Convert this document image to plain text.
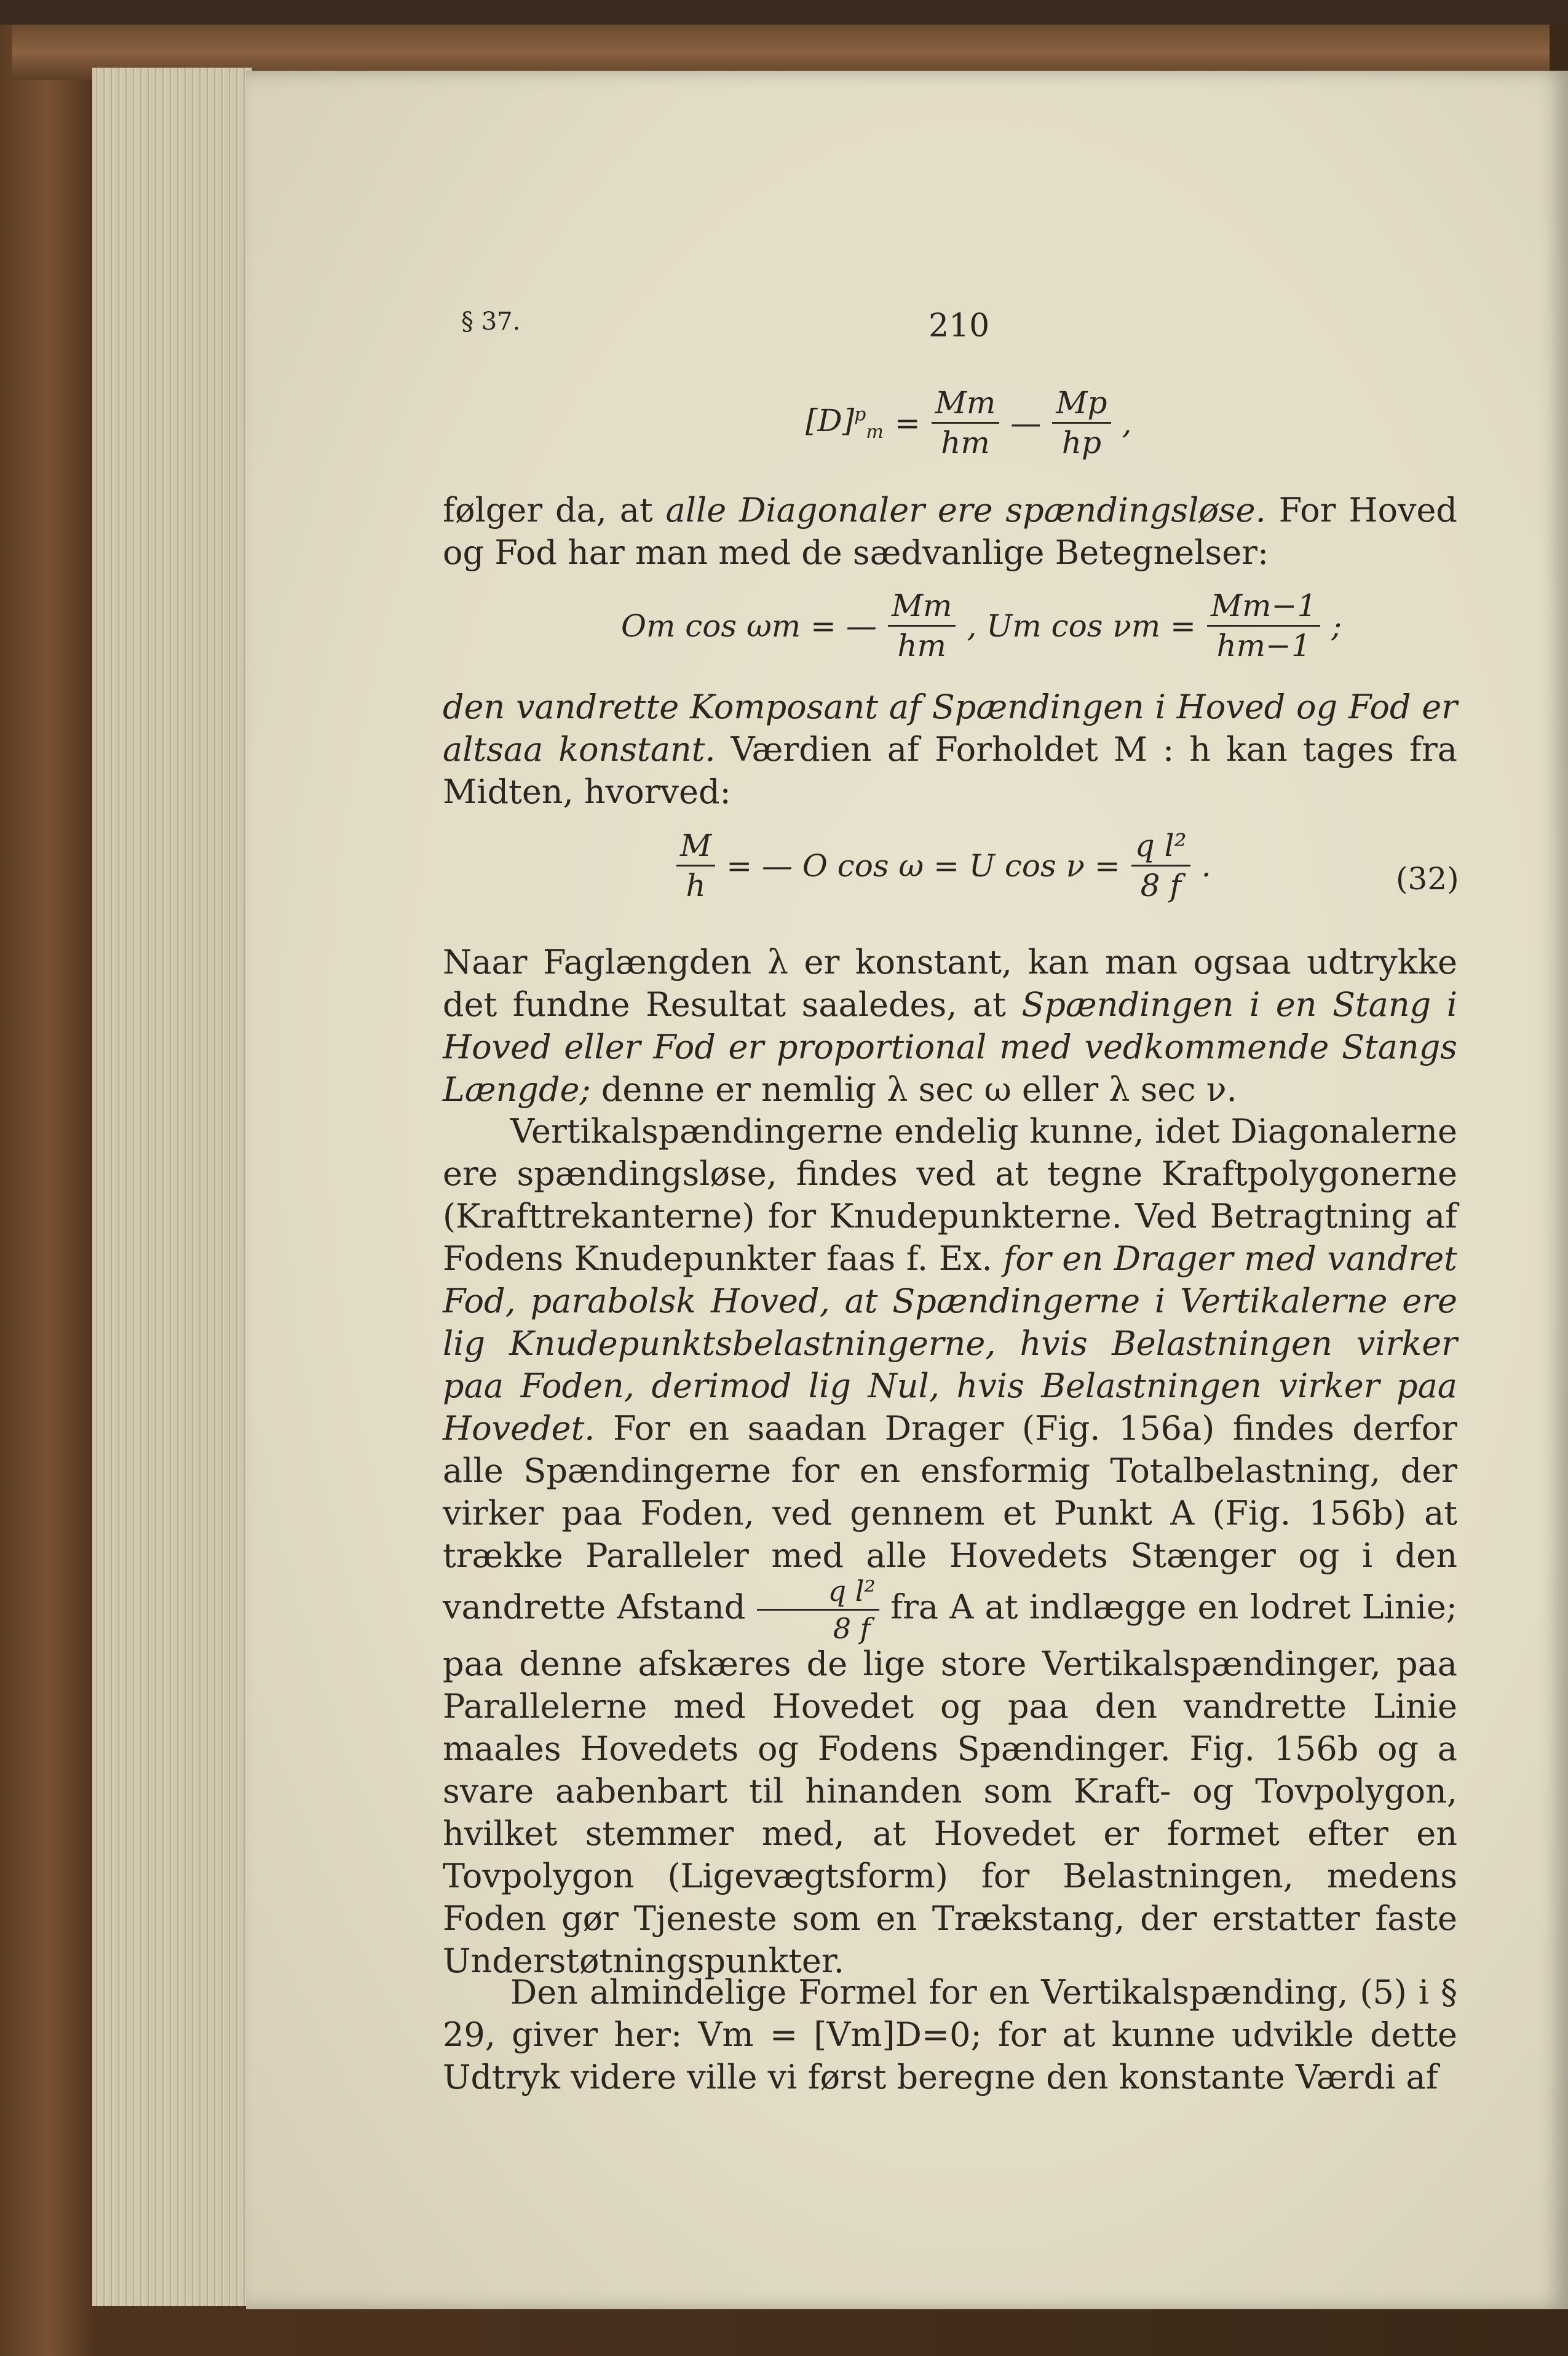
§ 37.	210
$[D]^p_m = \frac{Mm}{hm}$ — $\frac{Mp}{hp}$ ,

følger da, at alle Diagonaler ere spændingsløse. For Hoved og Fod har man med de sædvanlige Betegnelser:

Om cos ωm = — $\frac{Mm}{hm}$ , Um $\cos \nu m = \frac{Mm-1}{hm-1}$ ;

den vandrette Komposant af Spændingen i Hoved og Fod er altsaa konstant. Værdien af Forholdet M : h kan tages fra Midten, hvorved:

$\frac{M}{h}$ = — O cos ω = U $\cos \nu = \frac{\text{q l²}}{8 f}$ .	(32)

Naar Faglængden λ er konstant, kan man ogsaa udtrykke det fundne Resultat saaledes, at Spændingen i en Stang i Hoved eller Fod er proportional med vedkommende Stangs Længde; denne er nemlig λ sec ω eller λ sec ν.

Vertikalspændingerne endelig kunne, idet Diagonalerne ere spændingsløse, findes ved at tegne Kraftpolygonerne (Krafttrekanterne) for Knudepunkterne. Ved Betragtning af Fodens Knudepunkter faas f. Ex. for en Drager med vandret Fod, parabolsk Hoved, at Spændingerne i Vertikalerne ere lig Knudepunktsbelastningerne, hvis Belastningen virker paa Foden, derimod lig Nul, hvis Belastningen virker paa Hovedet. For en saadan Drager (Fig. 156a) findes derfor alle Spændingerne for en ensformig Totalbelastning, der virker paa Foden, ved gennem et Punkt A (Fig. 156b) at trække Paralleler med alle Hovedets Stænger og i den vandrette Afstand $\frac{\text{q l²}}{8 f}$ fra A at indlægge en lodret Linie; paa denne afskæres de lige store Vertikalspændinger, paa Parallelerne med Hovedet og paa den vandrette Linie maales Hovedets og Fodens Spændinger. Fig. 156b og a svare aabenbart til hinanden som Kraft- og Tovpolygon, hvilket stemmer med, at Hovedet er formet efter en Tovpolygon (Ligevægtsform) for Belastningen, medens Foden gør Tjeneste som en Trækstang, der erstatter faste Understøtningspunkter.

Den almindelige Formel for en Vertikalspænding, (5) i § 29, giver her: Vm = [Vm]D=0; for at kunne udvikle dette Udtryk videre ville vi først beregne den konstante Værdi af
